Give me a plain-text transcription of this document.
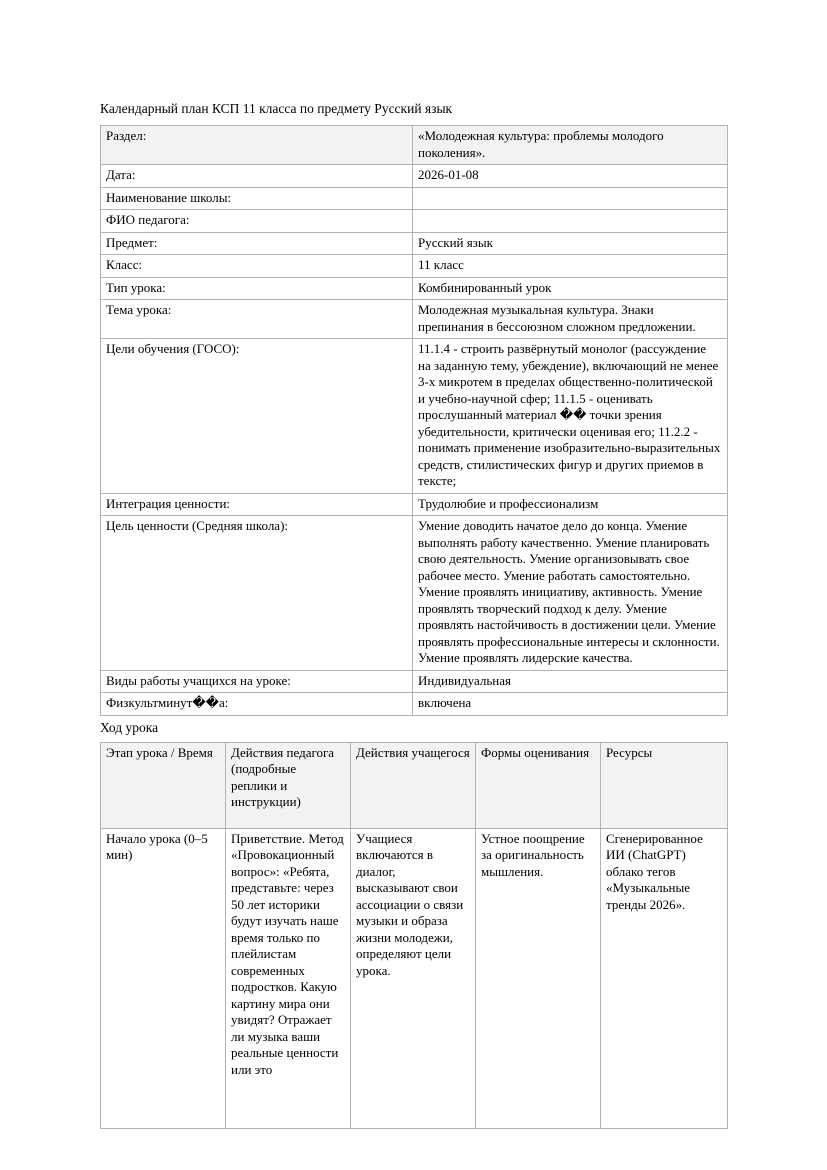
Календарный план КСП 11 класса по предмету Русский язык

Раздел:	«Молодежная культура: проблемы молодого поколения».
Дата:	2026-01-08
Наименование школы:	
ФИО педагога:	
Предмет:	Русский язык
Класс:	11 класс
Тип урока:	Комбинированный урок
Тема урока:	Молодежная музыкальная культура. Знаки препинания в бессоюзном сложном предложении.
Цели обучения (ГОСО):	11.1.4 - строить развёрнутый монолог (рассуждение на заданную тему, убеждение), включающий не менее 3-х микротем в пределах общественно-политической и учебно-научной сфер; 11.1.5 - оценивать прослушанный материал �� точки зрения убедительности, критически оценивая его; 11.2.2 - понимать применение изобразительно-выразительных средств, стилистических фигур и других приемов в тексте;
Интеграция ценности:	Трудолюбие и профессионализм
Цель ценности (Средняя школа):	Умение доводить начатое дело до конца. Умение выполнять работу качественно. Умение планировать свою деятельность. Умение организовывать свое рабочее место. Умение работать самостоятельно. Умение проявлять инициативу, активность. Умение проявлять творческий подход к делу. Умение проявлять настойчивость в достижении цели. Умение проявлять профессиональные интересы и склонности. Умение проявлять лидерские качества.
Виды работы учащихся на уроке:	Индивидуальная
Физкультминут��a:	включена

Ход урока

Этап урока / Время	Действия педагога (подробные реплики и инструкции)	Действия учащегося	Формы оценивания	Ресурсы
Начало урока (0–5 мин)	Приветствие. Метод «Провокационный вопрос»: «Ребята, представьте: через 50 лет историки будут изучать наше время только по плейлистам современных подростков. Какую картину мира они увидят? Отражает ли музыка ваши реальные ценности или это	Учащиеся включаются в диалог, высказывают свои ассоциации о связи музыки и образа жизни молодежи, определяют цели урока.	Устное поощрение за оригинальность мышления.	Сгенерированное ИИ (ChatGPT) облако тегов «Музыкальные тренды 2026».
